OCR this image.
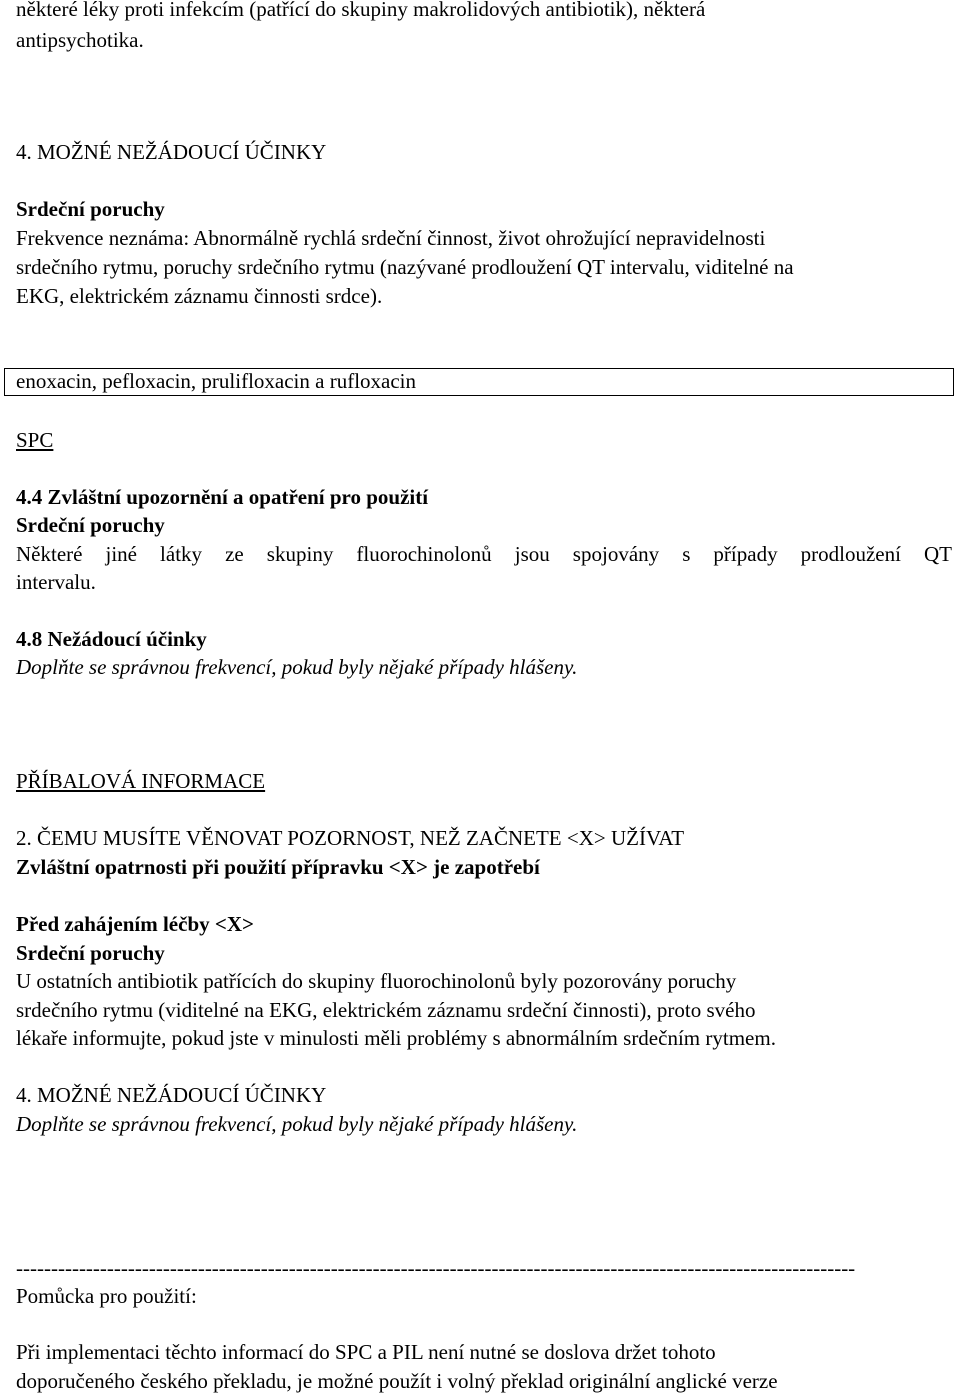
některé léky proti infekcím (patřící do skupiny makrolidových antibiotik), některá
antipsychotika.
4. MOŽNÉ NEŽÁDOUCÍ ÚČINKY
Srdeční poruchy
Frekvence neznáma: Abnormálně rychlá srdeční činnost, život ohrožující nepravidelnosti
srdečního rytmu, poruchy srdečního rytmu (nazývané prodloužení QT intervalu, viditelné na
EKG, elektrickém záznamu činnosti srdce).
enoxacin, pefloxacin, prulifloxacin a rufloxacin
SPC
4.4 Zvláštní upozornění a opatření pro použití
Srdeční poruchy
Některé jiné látky ze skupiny fluorochinolonů jsou spojovány s případy prodloužení QT
intervalu.
4.8 Nežádoucí účinky
Doplňte se správnou frekvencí, pokud byly nějaké případy hlášeny.
PŘÍBALOVÁ INFORMACE
2. ČEMU MUSÍTE VĚNOVAT POZORNOST, NEŽ ZAČNETE <X> UŽÍVAT
Zvláštní opatrnosti při použití přípravku <X> je zapotřebí
Před zahájením léčby <X>
Srdeční poruchy
U ostatních antibiotik patřících do skupiny fluorochinolonů byly pozorovány poruchy
srdečního rytmu (viditelné na EKG, elektrickém záznamu srdeční činnosti), proto svého
lékaře informujte, pokud jste v minulosti měli problémy s abnormálním srdečním rytmem.
4. MOŽNÉ NEŽÁDOUCÍ ÚČINKY
Doplňte se správnou frekvencí, pokud byly nějaké případy hlášeny.
------------------------------------------------------------------------------------------------------------------------
Pomůcka pro použití:
Při implementaci těchto informací do SPC a PIL není nutné se doslova držet tohoto
doporučeného českého překladu, je možné použít i volný překlad originální anglické verze
